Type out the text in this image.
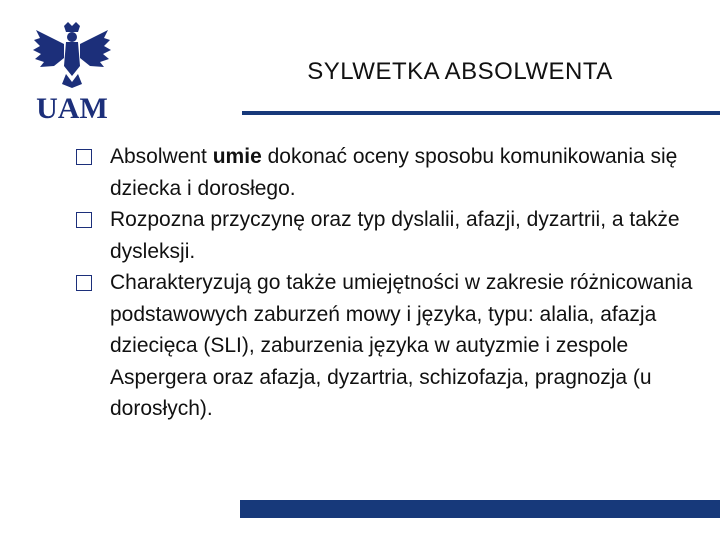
UAM
SYLWETKA ABSOLWENTA
Absolwent umie dokonać oceny sposobu komunikowania się dziecka i dorosłego.
Rozpozna przyczynę oraz typ dyslalii, afazji, dyzartrii, a także dysleksji.
Charakteryzują go także umiejętności w zakresie różnicowania podstawowych zaburzeń mowy i języka, typu: alalia, afazja dziecięca (SLI), zaburzenia języka w autyzmie i zespole Aspergera oraz afazja, dyzartria, schizofazja, pragnozja (u dorosłych).
